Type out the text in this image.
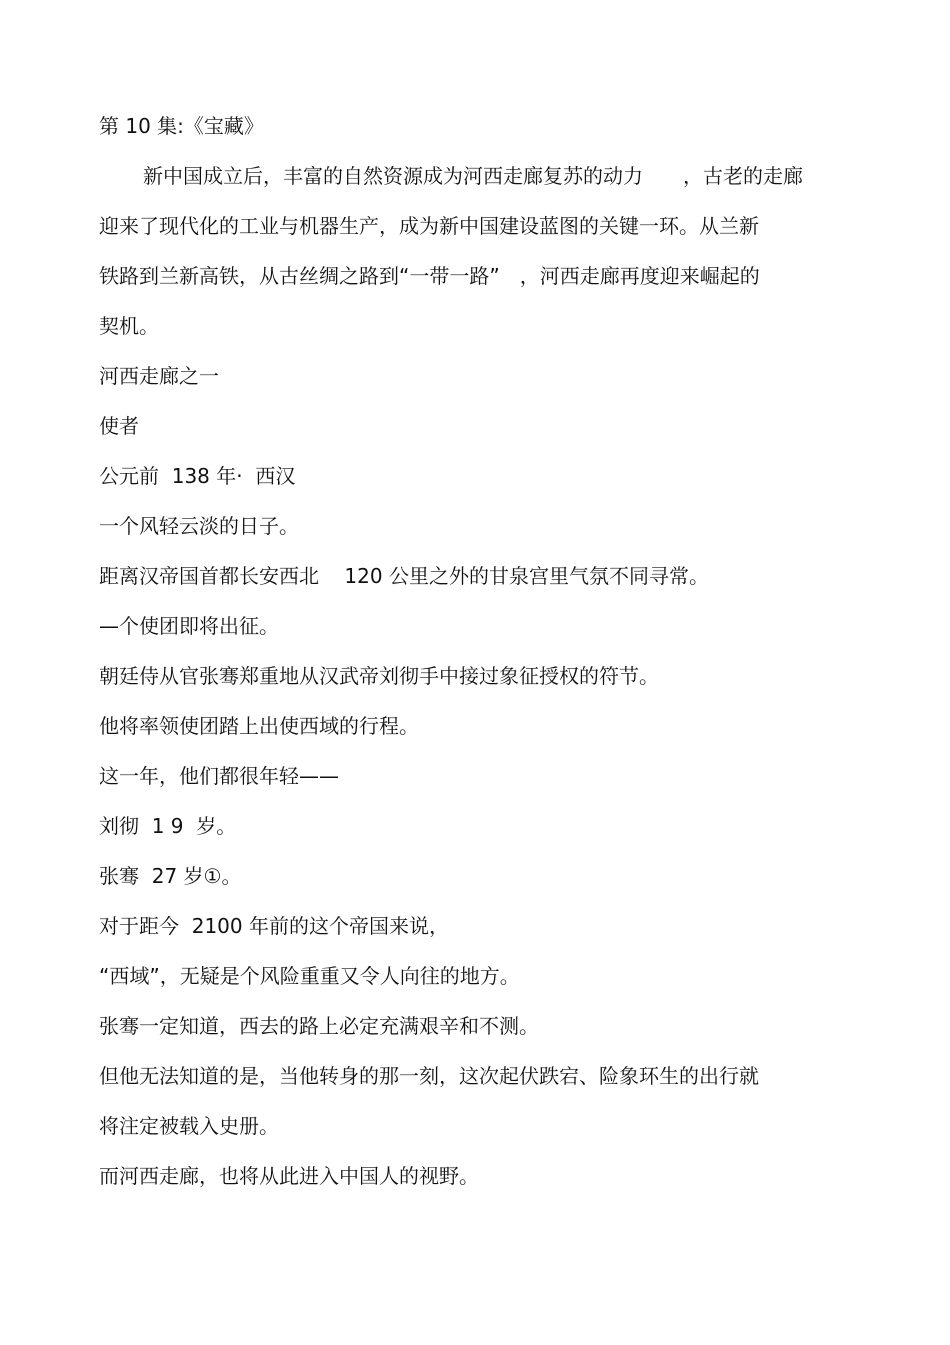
第 10 集:《宝藏》
新中国成立后，丰富的自然资源成为河西走廊复苏的动力　　，古老的走廊
迎来了现代化的工业与机器生产，成为新中国建设蓝图的关键一环。从兰新
铁路到兰新高铁，从古丝绸之路到“一带一路”　，河西走廊再度迎来崛起的
契机。
河西走廊之一
使者
公元前  138 年·  西汉
一个风轻云淡的日子。
距离汉帝国首都长安西北    120 公里之外的甘泉宫里气氛不同寻常。
—个使团即将出征。
朝廷侍从官张骞郑重地从汉武帝刘彻手中接过象征授权的符节。
他将率领使团踏上出使西域的行程。
这一年，他们都很年轻——
刘彻  1 9  岁。
张骞  27 岁①。
对于距今  2100 年前的这个帝国来说，
“西域”，无疑是个风险重重又令人向往的地方。
张骞一定知道，西去的路上必定充满艰辛和不测。
但他无法知道的是，当他转身的那一刻，这次起伏跌宕、险象环生的出行就
将注定被载入史册。
而河西走廊，也将从此进入中国人的视野。
